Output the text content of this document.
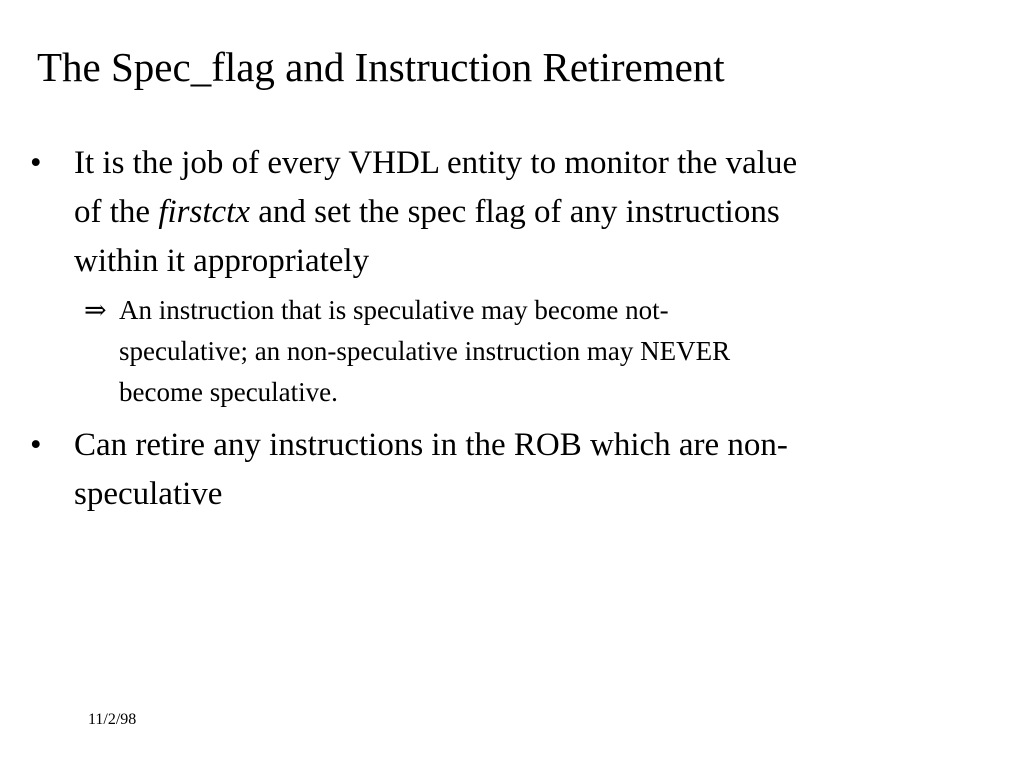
The Spec_flag and Instruction Retirement
• It is the job of every VHDL entity to monitor the value
of the firstctx and set the spec flag of any instructions
within it appropriately
⇒ An instruction that is speculative may become not-
speculative; an non-speculative instruction may NEVER
become speculative.
• Can retire any instructions in the ROB which are non-
speculative
11/2/98
